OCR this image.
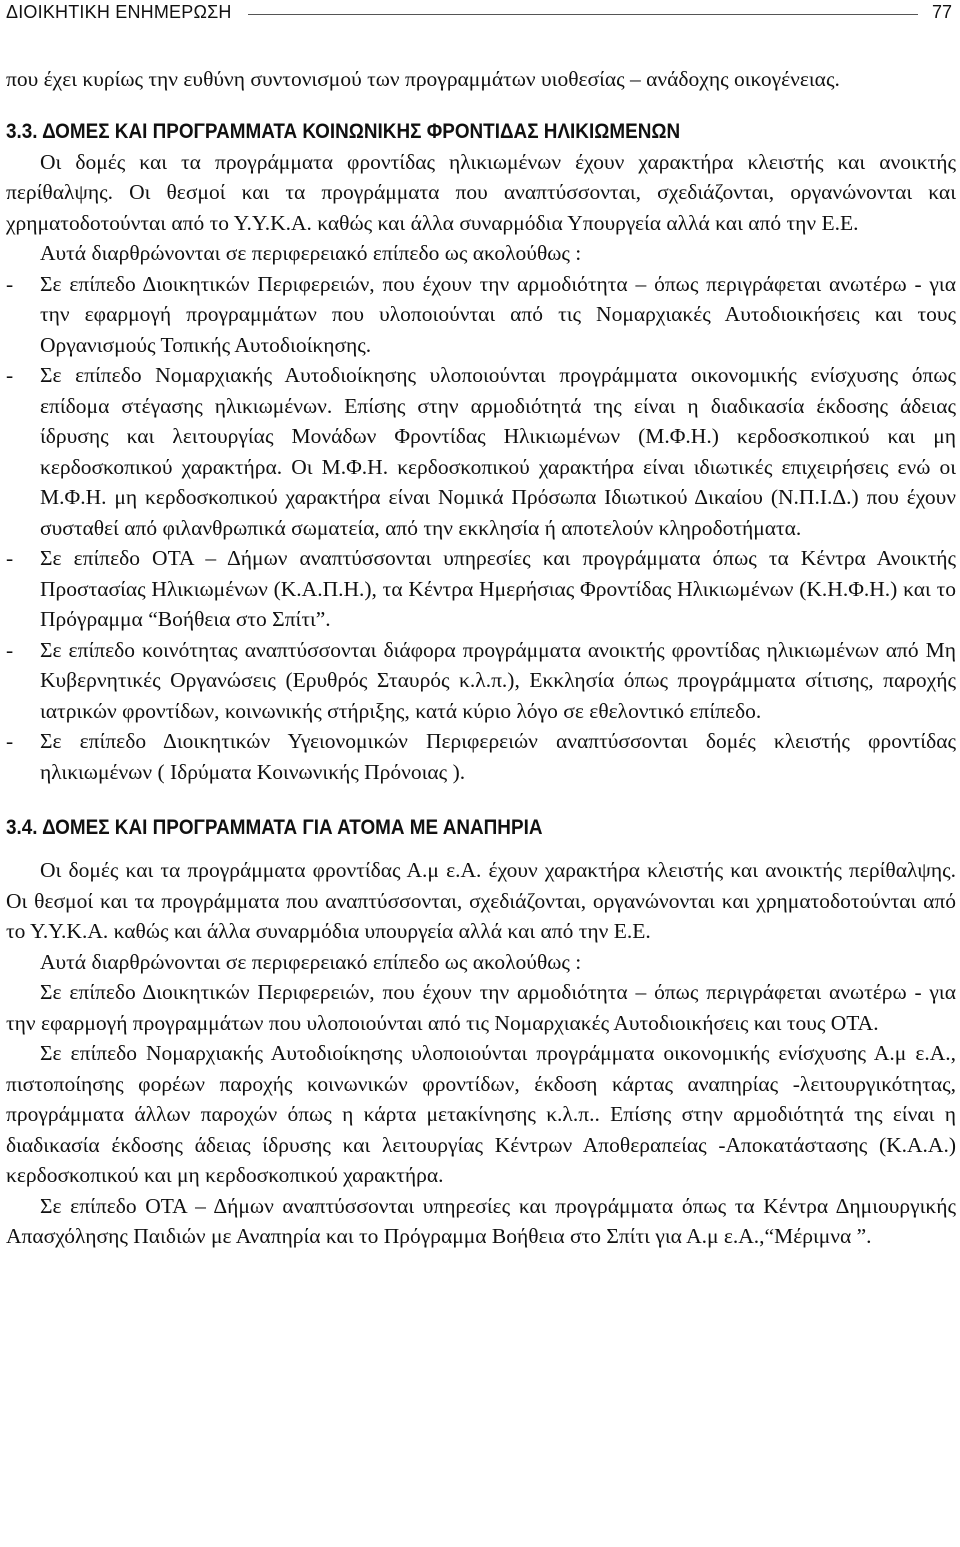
ΔΙΟΙΚΗΤΙΚΗ ΕΝΗΜΕΡΩΣΗ	77

που έχει κυρίως την ευθύνη συντονισμού των προγραμμάτων υιοθεσίας – ανάδοχης οικογένειας.

3.3. ΔΟΜΕΣ ΚΑΙ ΠΡΟΓΡΑΜΜΑΤΑ ΚΟΙΝΩΝΙΚΗΣ ΦΡΟΝΤΙΔΑΣ ΗΛΙΚΙΩΜΕΝΩΝ

Οι δομές και τα προγράμματα φροντίδας ηλικιωμένων έχουν χαρακτήρα κλειστής και ανοικτής περίθαλψης. Οι θεσμοί και τα προγράμματα που αναπτύσσονται, σχεδιάζονται, οργανώνονται και χρηματοδοτούνται από το Υ.Υ.Κ.Α. καθώς και άλλα συναρμόδια Υπουργεία αλλά και από την Ε.Ε.

Αυτά διαρθρώνονται σε περιφερειακό επίπεδο ως ακολούθως :

- Σε επίπεδο Διοικητικών Περιφερειών, που έχουν την αρμοδιότητα – όπως περιγράφεται ανωτέρω - για την εφαρμογή προγραμμάτων που υλοποιούνται από τις Νομαρχιακές Αυτοδιοικήσεις και τους Οργανισμούς Τοπικής Αυτοδιοίκησης.
- Σε επίπεδο Νομαρχιακής Αυτοδιοίκησης υλοποιούνται προγράμματα οικονομικής ενίσχυσης όπως επίδομα στέγασης ηλικιωμένων. Επίσης στην αρμοδιότητά της είναι η διαδικασία έκδοσης άδειας ίδρυσης και λειτουργίας Μονάδων Φροντίδας Ηλικιωμένων (Μ.Φ.Η.) κερδοσκοπικού και μη κερδοσκοπικού χαρακτήρα. Οι Μ.Φ.Η. κερδοσκοπικού χαρακτήρα είναι ιδιωτικές επιχειρήσεις ενώ οι Μ.Φ.Η. μη κερδοσκοπικού χαρακτήρα είναι Νομικά Πρόσωπα Ιδιωτικού Δικαίου (Ν.Π.Ι.Δ.) που έχουν συσταθεί από φιλανθρωπικά σωματεία, από την εκκλησία ή αποτελούν κληροδοτήματα.
- Σε επίπεδο ΟΤΑ – Δήμων αναπτύσσονται υπηρεσίες και προγράμματα όπως τα Κέντρα Ανοικτής Προστασίας Ηλικιωμένων (Κ.Α.Π.Η.), τα Κέντρα Ημερήσιας Φροντίδας Ηλικιωμένων (Κ.Η.Φ.Η.) και το Πρόγραμμα “Βοήθεια στο Σπίτι”.
- Σε επίπεδο κοινότητας αναπτύσσονται διάφορα προγράμματα ανοικτής φροντίδας ηλικιωμένων από Μη Κυβερνητικές Οργανώσεις (Ερυθρός Σταυρός κ.λ.π.), Εκκλησία όπως προγράμματα σίτισης, παροχής ιατρικών φροντίδων, κοινωνικής στήριξης, κατά κύριο λόγο σε εθελοντικό επίπεδο.
- Σε επίπεδο Διοικητικών Υγειονομικών Περιφερειών αναπτύσσονται δομές κλειστής φροντίδας ηλικιωμένων ( Ιδρύματα Κοινωνικής Πρόνοιας ).
3.4. ΔΟΜΕΣ ΚΑΙ ΠΡΟΓΡΑΜΜΑΤΑ ΓΙΑ ΑΤΟΜΑ ΜΕ ΑΝΑΠΗΡΙΑ

Οι δομές και τα προγράμματα φροντίδας Α.μ ε.Α. έχουν χαρακτήρα κλειστής και ανοικτής περίθαλψης. Οι θεσμοί και τα προγράμματα που αναπτύσσονται, σχεδιάζονται, οργανώνονται και χρηματοδοτούνται από το Υ.Υ.Κ.Α. καθώς και άλλα συναρμόδια υπουργεία αλλά και από την Ε.Ε.

Αυτά διαρθρώνονται σε περιφερειακό επίπεδο ως ακολούθως :

Σε επίπεδο Διοικητικών Περιφερειών, που έχουν την αρμοδιότητα – όπως περιγράφεται ανωτέρω - για την εφαρμογή προγραμμάτων που υλοποιούνται από τις Νομαρχιακές Αυτοδιοικήσεις και τους ΟΤΑ.

Σε επίπεδο Νομαρχιακής Αυτοδιοίκησης υλοποιούνται προγράμματα οικονομικής ενίσχυσης Α.μ ε.Α., πιστοποίησης φορέων παροχής κοινωνικών φροντίδων, έκδοση κάρτας αναπηρίας -λειτουργικότητας, προγράμματα άλλων παροχών όπως η κάρτα μετακίνησης κ.λ.π.. Επίσης στην αρμοδιότητά της είναι η διαδικασία έκδοσης άδειας ίδρυσης και λειτουργίας Κέντρων Αποθεραπείας -Αποκατάστασης (Κ.Α.Α.) κερδοσκοπικού και μη κερδοσκοπικού χαρακτήρα.

Σε επίπεδο ΟΤΑ – Δήμων αναπτύσσονται υπηρεσίες και προγράμματα όπως τα Κέντρα Δημιουργικής Απασχόλησης Παιδιών με Αναπηρία και το Πρόγραμμα Βοήθεια στο Σπίτι για Α.μ ε.Α.,“Μέριμνα ”.
